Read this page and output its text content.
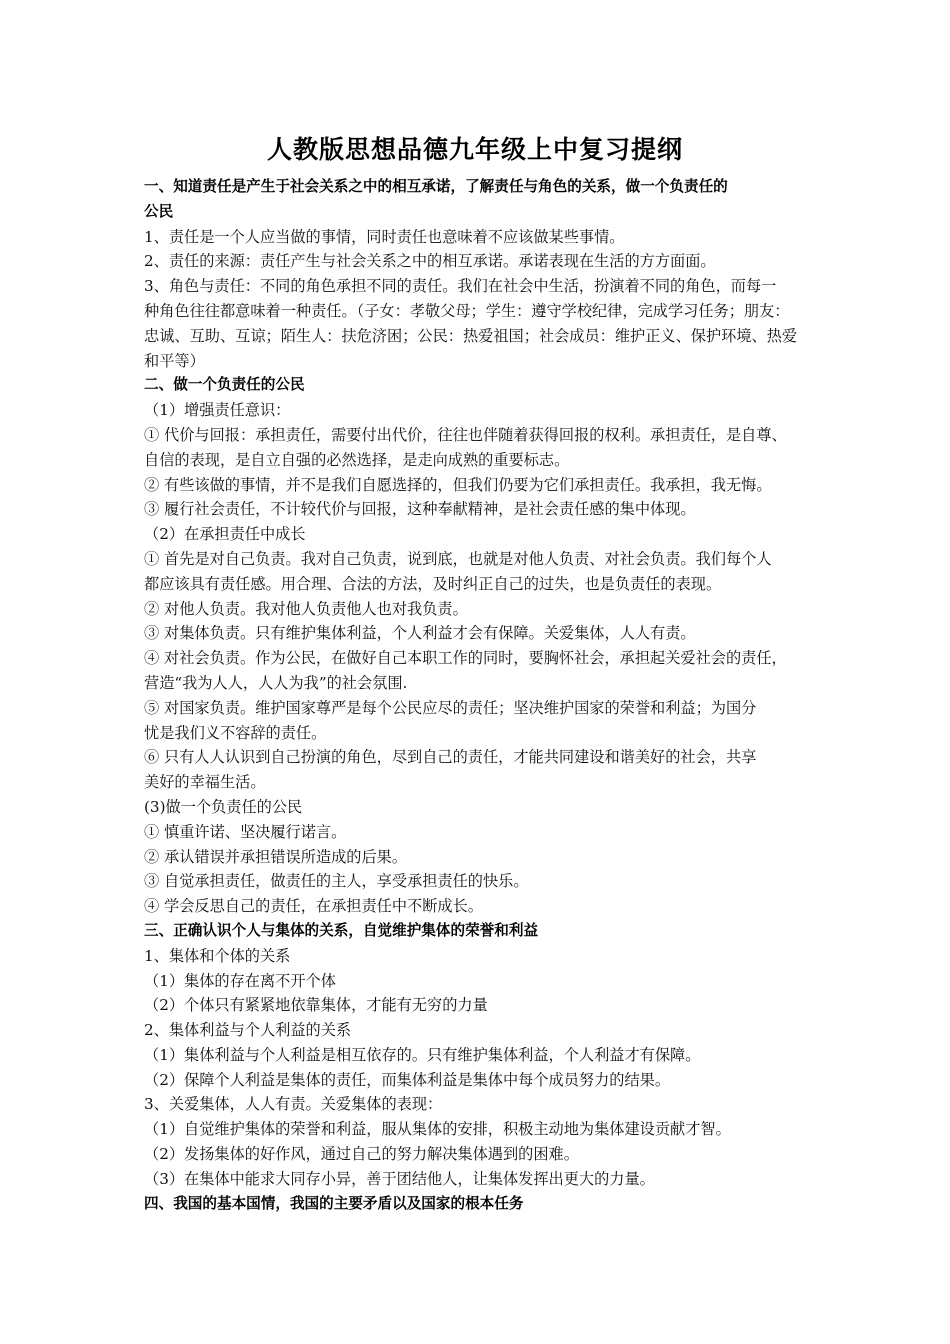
人教版思想品德九年级上中复习提纲
一、知道责任是产生于社会关系之中的相互承诺，了解责任与角色的关系，做一个负责任的
公民
1、责任是一个人应当做的事情，同时责任也意味着不应该做某些事情。
2、责任的来源：责任产生与社会关系之中的相互承诺。承诺表现在生活的方方面面。
3、角色与责任：不同的角色承担不同的责任。我们在社会中生活，扮演着不同的角色，而每一
种角色往往都意味着一种责任。（子女：孝敬父母；学生：遵守学校纪律，完成学习任务；朋友：
忠诚、互助、互谅；陌生人：扶危济困；公民：热爱祖国；社会成员：维护正义、保护环境、热爱
和平等）
二、做一个负责任的公民
（1）增强责任意识：
① 代价与回报：承担责任，需要付出代价，往往也伴随着获得回报的权利。承担责任，是自尊、
自信的表现，是自立自强的必然选择，是走向成熟的重要标志。
② 有些该做的事情，并不是我们自愿选择的，但我们仍要为它们承担责任。我承担，我无悔。
③ 履行社会责任，不计较代价与回报，这种奉献精神，是社会责任感的集中体现。
（2）在承担责任中成长
① 首先是对自己负责。我对自己负责，说到底，也就是对他人负责、对社会负责。我们每个人
都应该具有责任感。用合理、合法的方法，及时纠正自己的过失，也是负责任的表现。
② 对他人负责。我对他人负责他人也对我负责。
③ 对集体负责。只有维护集体利益，个人利益才会有保障。关爱集体，人人有责。
④ 对社会负责。作为公民，在做好自己本职工作的同时，要胸怀社会，承担起关爱社会的责任，
营造“我为人人，人人为我”的社会氛围.
⑤ 对国家负责。维护国家尊严是每个公民应尽的责任；坚决维护国家的荣誉和利益；为国分
忧是我们义不容辞的责任。
⑥ 只有人人认识到自己扮演的角色，尽到自己的责任，才能共同建设和谐美好的社会，共享
美好的幸福生活。
(3)做一个负责任的公民
① 慎重许诺、坚决履行诺言。
② 承认错误并承担错误所造成的后果。
③ 自觉承担责任，做责任的主人，享受承担责任的快乐。
④ 学会反思自己的责任，在承担责任中不断成长。
三、正确认识个人与集体的关系，自觉维护集体的荣誉和利益
1、集体和个体的关系
（1）集体的存在离不开个体
（2）个体只有紧紧地依靠集体，才能有无穷的力量
2、集体利益与个人利益的关系
（1）集体利益与个人利益是相互依存的。只有维护集体利益，个人利益才有保障。
（2）保障个人利益是集体的责任，而集体利益是集体中每个成员努力的结果。
3、关爱集体，人人有责。关爱集体的表现：
（1）自觉维护集体的荣誉和利益，服从集体的安排，积极主动地为集体建设贡献才智。
（2）发扬集体的好作风，通过自己的努力解决集体遇到的困难。
（3）在集体中能求大同存小异，善于团结他人，让集体发挥出更大的力量。
四、我国的基本国情，我国的主要矛盾以及国家的根本任务
